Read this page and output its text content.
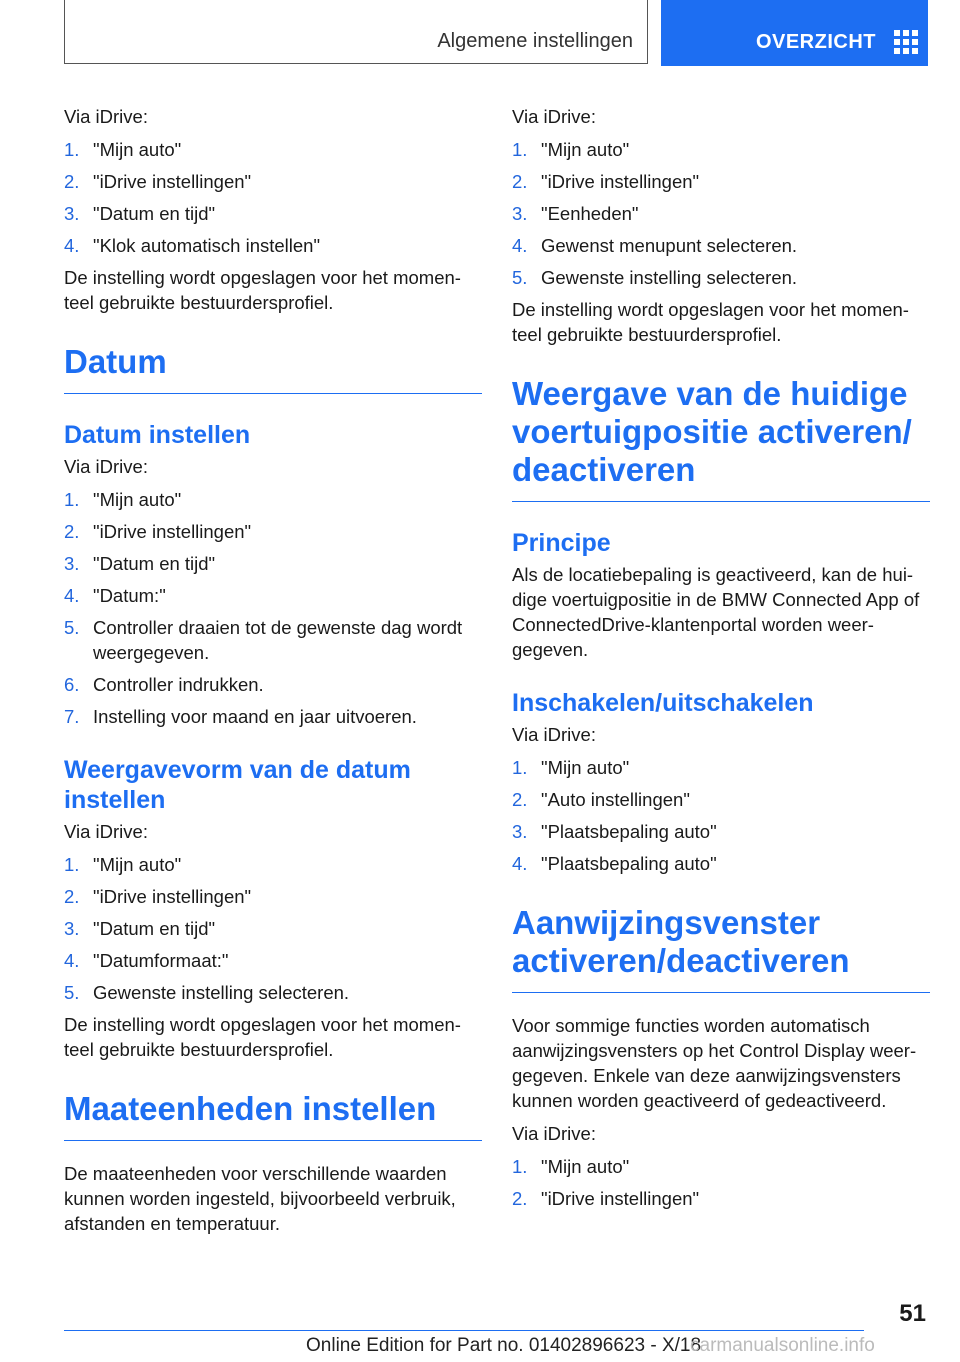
Algemene instellingen	OVERZICHT

Via iDrive:

1. "Mijn auto"
2. "iDrive instellingen"
3. "Datum en tijd"
4. "Klok automatisch instellen"

De instelling wordt opgeslagen voor het momen- teel gebruikte bestuurdersprofiel.

Datum
Datum instellen

Via iDrive:

1. "Mijn auto"
2. "iDrive instellingen"
3. "Datum en tijd"
4. "Datum:"
5. Controller draaien tot de gewenste dag wordt weergegeven.
6. Controller indrukken.
7. Instelling voor maand en jaar uitvoeren.
Weergavevorm van de datum instellen

Via iDrive:

1. "Mijn auto"
2. "iDrive instellingen"
3. "Datum en tijd"
4. "Datumformaat:"
5. Gewenste instelling selecteren.

De instelling wordt opgeslagen voor het momen- teel gebruikte bestuurdersprofiel.

Maateenheden instellen

De maateenheden voor verschillende waarden kunnen worden ingesteld, bijvoorbeeld verbruik, afstanden en temperatuur.

Via iDrive:

1. "Mijn auto"
2. "iDrive instellingen"
3. "Eenheden"
4. Gewenst menupunt selecteren.
5. Gewenste instelling selecteren.

De instelling wordt opgeslagen voor het momen- teel gebruikte bestuurdersprofiel.

Weergave van de huidige voertuigpositie activeren/ deactiveren
Principe

Als de locatiebepaling is geactiveerd, kan de hui- dige voertuigpositie in de BMW Connected App of ConnectedDrive-klantenportal worden weer- gegeven.

Inschakelen/uitschakelen

Via iDrive:

1. "Mijn auto"
2. "Auto instellingen"
3. "Plaatsbepaling auto"
4. "Plaatsbepaling auto"
Aanwijzingsvenster activeren/deactiveren

Voor sommige functies worden automatisch aanwijzingsvensters op het Control Display weer- gegeven. Enkele van deze aanwijzingsvensters kunnen worden geactiveerd of gedeactiveerd.

Via iDrive:

1. "Mijn auto"
2. "iDrive instellingen"
51
Online Edition for Part no. 01402896623 - X/18
carmanualsonline.info
